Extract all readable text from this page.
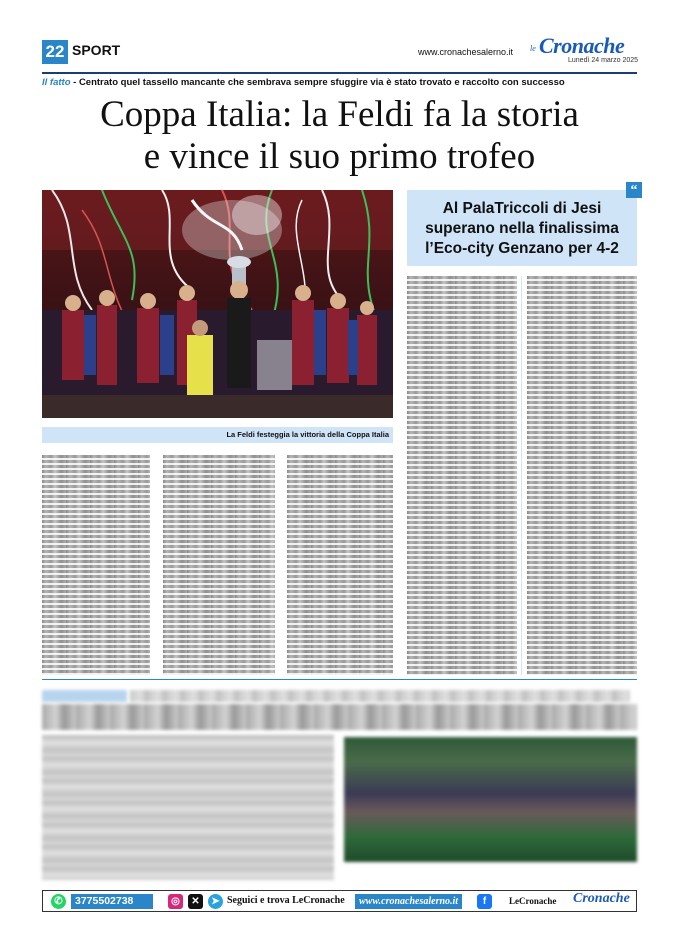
22 SPORT	www.cronachesalerno.it le Cronache
Lunedì 24 marzo 2025
Il fatto - Centrato quel tassello mancante che sembrava sempre sfuggire via è stato trovato e raccolto con successo
Coppa Italia: la Feldi fa la storia
e vince il suo primo trofeo
La Feldi festeggia la vittoria della Coppa Italia
“
Al PalaTriccoli di Jesi superano nella finalissima l’Eco-city Genzano per 4-2
✆	3775502738	◎	✕	➤ Seguici e trova LeCronache	www.cronachesalerno.it	f	LeCronache Cronache
